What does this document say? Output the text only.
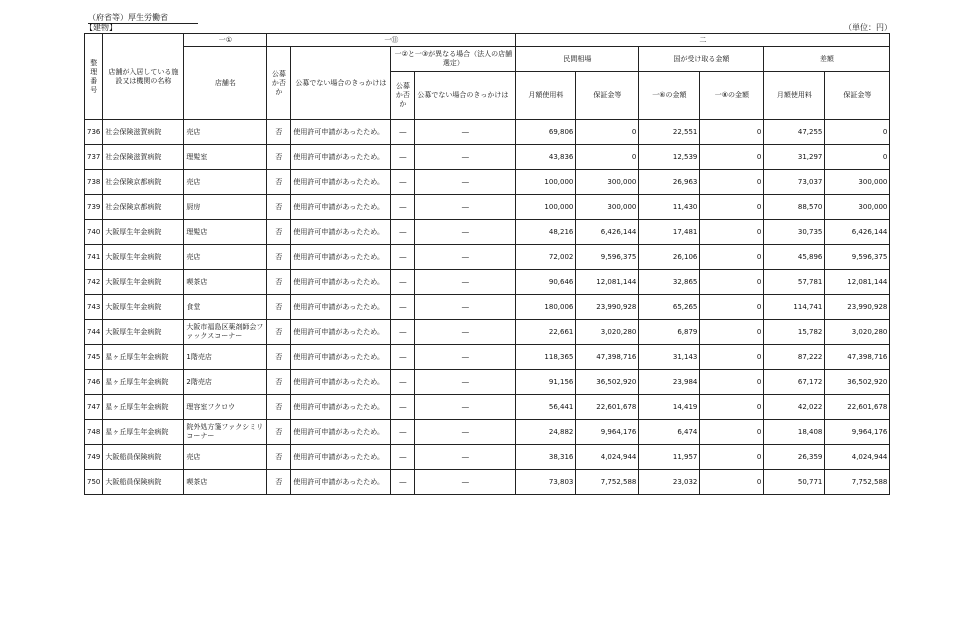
（府省等）厚生労働省
【建物】	（単位：円）
整理番号	店舗が入居している施設又は機関の名称	一①	一⑪				二					
		店舗名	公募か否か	公募でない場合のきっかけは	一②と一③が異なる場合（法人の店舗選定）		民間相場		国が受け取る金額		差額	
					公募か否か	公募でない場合のきっかけは	月額使用料	保証金等	一⑥の金額	一⑧の金額	月額使用料	保証金等
736	社会保険滋賀病院	売店	否	使用許可申請があったため。	―	―	69,806	0	22,551	0	47,255	0
737	社会保険滋賀病院	理髪室	否	使用許可申請があったため。	―	―	43,836	0	12,539	0	31,297	0
738	社会保険京都病院	売店	否	使用許可申請があったため。	―	―	100,000	300,000	26,963	0	73,037	300,000
739	社会保険京都病院	厨房	否	使用許可申請があったため。	―	―	100,000	300,000	11,430	0	88,570	300,000
740	大阪厚生年金病院	理髪店	否	使用許可申請があったため。	―	―	48,216	6,426,144	17,481	0	30,735	6,426,144
741	大阪厚生年金病院	売店	否	使用許可申請があったため。	―	―	72,002	9,596,375	26,106	0	45,896	9,596,375
742	大阪厚生年金病院	喫茶店	否	使用許可申請があったため。	―	―	90,646	12,081,144	32,865	0	57,781	12,081,144
743	大阪厚生年金病院	食堂	否	使用許可申請があったため。	―	―	180,006	23,990,928	65,265	0	114,741	23,990,928
744	大阪厚生年金病院	大阪市福島区薬剤師会ファックスコーナー	否	使用許可申請があったため。	―	―	22,661	3,020,280	6,879	0	15,782	3,020,280
745	星ヶ丘厚生年金病院	1階売店	否	使用許可申請があったため。	―	―	118,365	47,398,716	31,143	0	87,222	47,398,716
746	星ヶ丘厚生年金病院	2階売店	否	使用許可申請があったため。	―	―	91,156	36,502,920	23,984	0	67,172	36,502,920
747	星ヶ丘厚生年金病院	理容室フクロウ	否	使用許可申請があったため。	―	―	56,441	22,601,678	14,419	0	42,022	22,601,678
748	星ヶ丘厚生年金病院	院外処方箋ファクシミリコーナー	否	使用許可申請があったため。	―	―	24,882	9,964,176	6,474	0	18,408	9,964,176
749	大阪船員保険病院	売店	否	使用許可申請があったため。	―	―	38,316	4,024,944	11,957	0	26,359	4,024,944
750	大阪船員保険病院	喫茶店	否	使用許可申請があったため。	―	―	73,803	7,752,588	23,032	0	50,771	7,752,588
